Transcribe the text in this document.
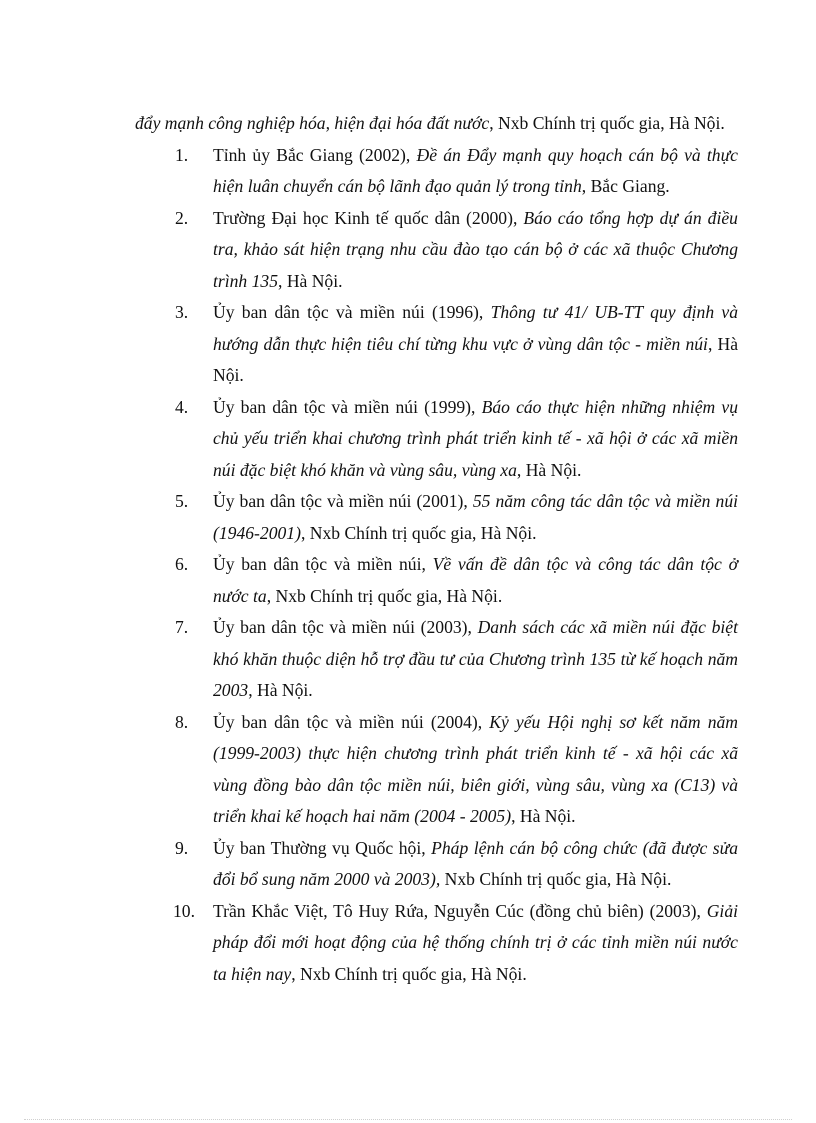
đẩy mạnh công nghiệp hóa, hiện đại hóa đất nước, Nxb Chính trị quốc gia, Hà Nội.

1. Tỉnh ủy Bắc Giang (2002), Đề án Đẩy mạnh quy hoạch cán bộ và thực hiện luân chuyển cán bộ lãnh đạo quản lý trong tỉnh, Bắc Giang.

2. Trường Đại học Kinh tế quốc dân (2000), Báo cáo tổng hợp dự án điều tra, khảo sát hiện trạng nhu cầu đào tạo cán bộ ở các xã thuộc Chương trình 135, Hà Nội.

3. Ủy ban dân tộc và miền núi (1996), Thông tư 41/ UB-TT quy định và hướng dẫn thực hiện tiêu chí từng khu vực ở vùng dân tộc - miền núi, Hà Nội.

4. Ủy ban dân tộc và miền núi (1999), Báo cáo thực hiện những nhiệm vụ chủ yếu triển khai chương trình phát triển kinh tế - xã hội ở các xã miền núi đặc biệt khó khăn và vùng sâu, vùng xa, Hà Nội.

5. Ủy ban dân tộc và miền núi (2001), 55 năm công tác dân tộc và miền núi (1946-2001), Nxb Chính trị quốc gia, Hà Nội.

6. Ủy ban dân tộc và miền núi, Về vấn đề dân tộc và công tác dân tộc ở nước ta, Nxb Chính trị quốc gia, Hà Nội.

7. Ủy ban dân tộc và miền núi (2003), Danh sách các xã miền núi đặc biệt khó khăn thuộc diện hỗ trợ đầu tư của Chương trình 135 từ kế hoạch năm 2003, Hà Nội.

8. Ủy ban dân tộc và miền núi (2004), Kỷ yếu Hội nghị sơ kết năm năm (1999-2003) thực hiện chương trình phát triển kinh tế - xã hội các xã vùng đồng bào dân tộc miền núi, biên giới, vùng sâu, vùng xa (C13) và triển khai kế hoạch hai năm (2004 - 2005), Hà Nội.

9. Ủy ban Thường vụ Quốc hội, Pháp lệnh cán bộ công chức (đã được sửa đổi bổ sung năm 2000 và 2003), Nxb Chính trị quốc gia, Hà Nội.

10. Trần Khắc Việt, Tô Huy Rứa, Nguyễn Cúc (đồng chủ biên) (2003), Giải pháp đổi mới hoạt động của hệ thống chính trị ở các tỉnh miền núi nước ta hiện nay, Nxb Chính trị quốc gia, Hà Nội.
